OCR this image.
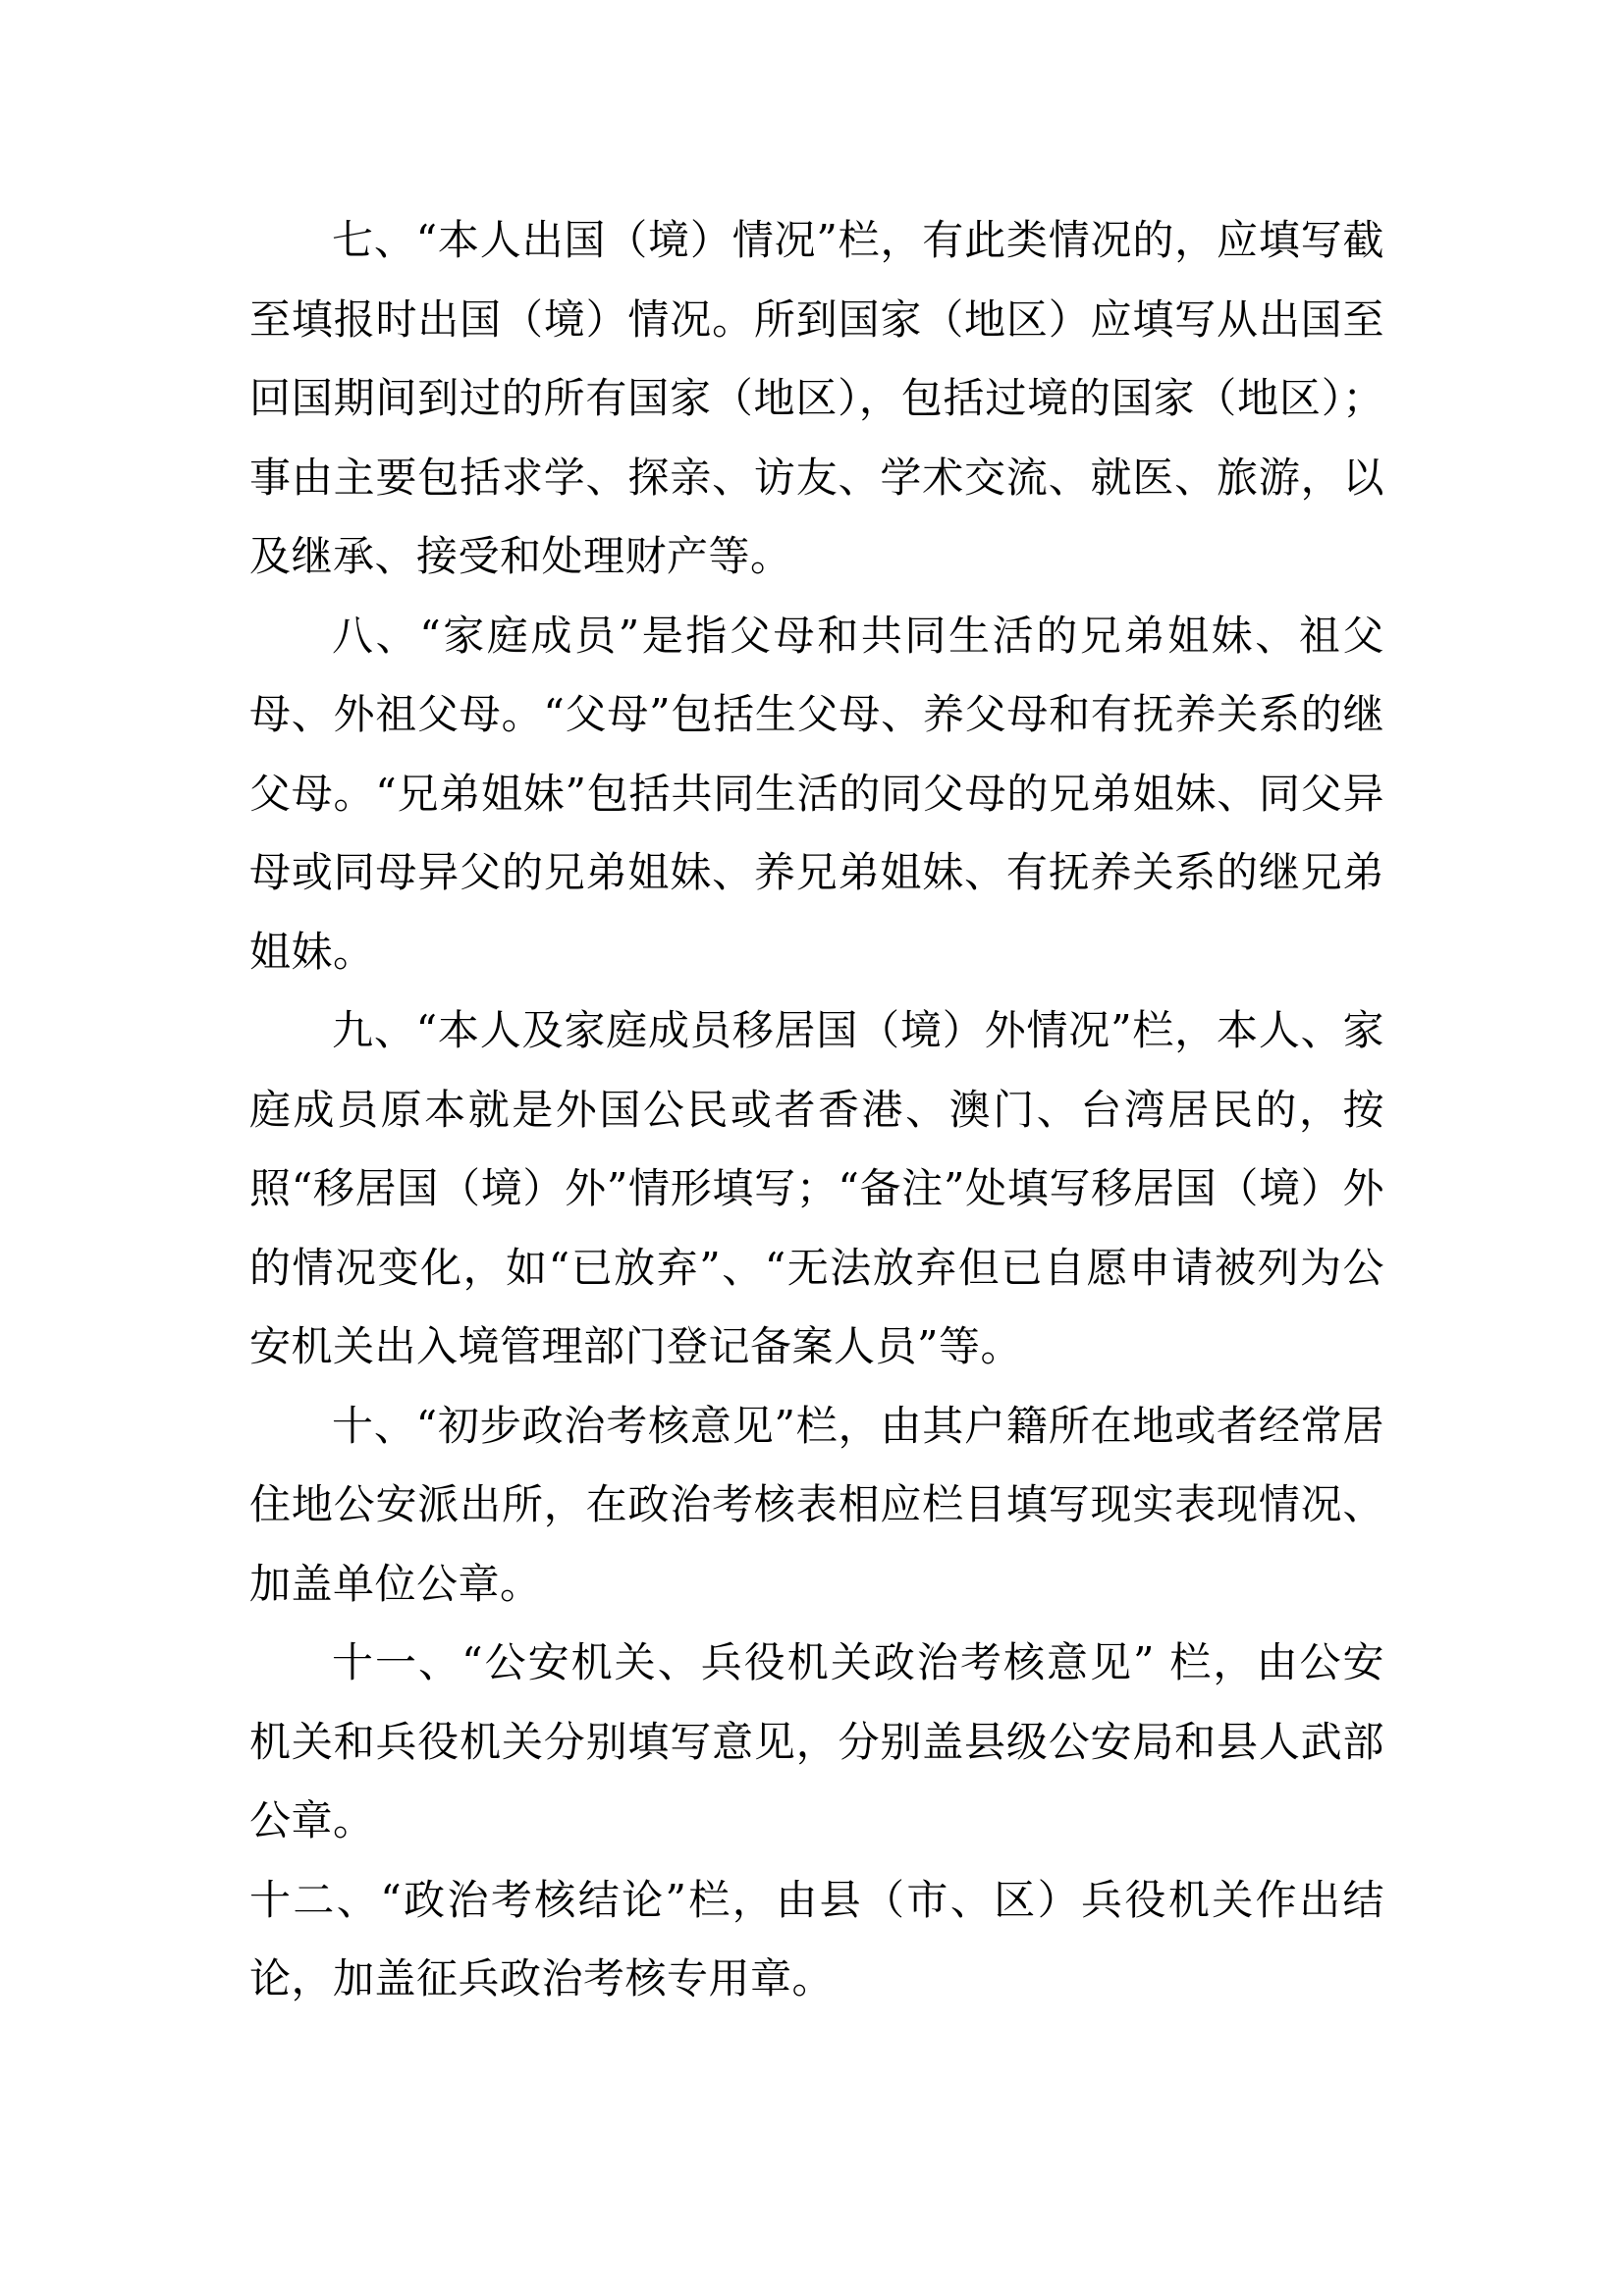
七、“本人出国（境）情况”栏，有此类情况的，应填写截至填报时出国（境）情况。所到国家（地区）应填写从出国至回国期间到过的所有国家（地区），包括过境的国家（地区）；事由主要包括求学、探亲、访友、学术交流、就医、旅游，以及继承、接受和处理财产等。

八、“家庭成员”是指父母和共同生活的兄弟姐妹、祖父母、外祖父母。“父母”包括生父母、养父母和有抚养关系的继父母。“兄弟姐妹”包括共同生活的同父母的兄弟姐妹、同父异母或同母异父的兄弟姐妹、养兄弟姐妹、有抚养关系的继兄弟姐妹。

九、“本人及家庭成员移居国（境）外情况”栏，本人、家庭成员原本就是外国公民或者香港、澳门、台湾居民的，按照“移居国（境）外”情形填写；“备注”处填写移居国（境）外的情况变化，如“已放弃”、“无法放弃但已自愿申请被列为公安机关出入境管理部门登记备案人员”等。

十、“初步政治考核意见”栏，由其户籍所在地或者经常居住地公安派出所，在政治考核表相应栏目填写现实表现情况、加盖单位公章。

十一、“公安机关、兵役机关政治考核意见” 栏，由公安机关和兵役机关分别填写意见，分别盖县级公安局和县人武部公章。

十二、“政治考核结论”栏，由县（市、区）兵役机关作出结论，加盖征兵政治考核专用章。
